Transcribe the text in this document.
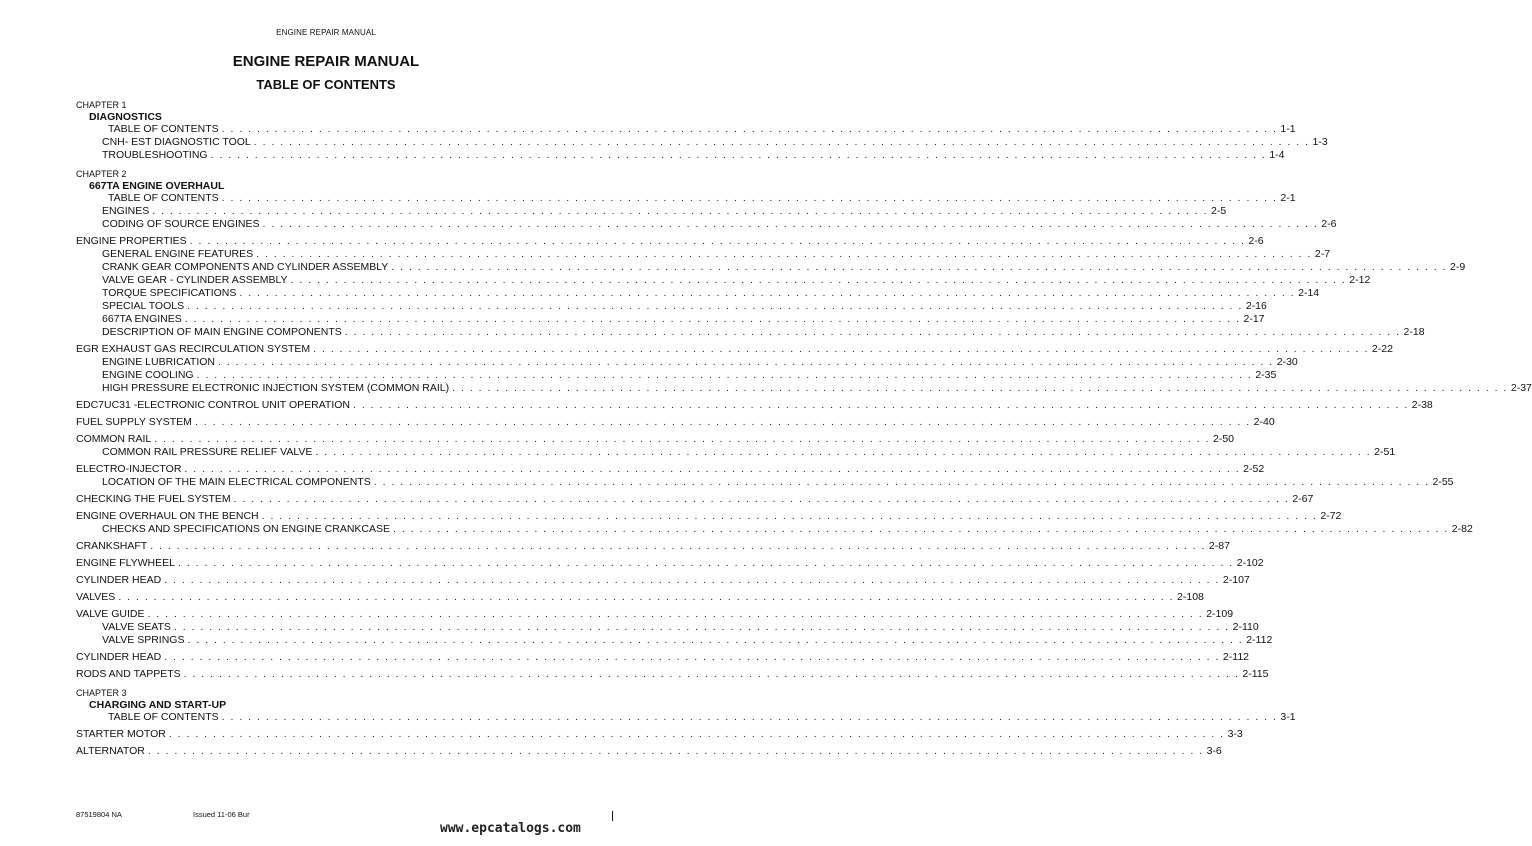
ENGINE REPAIR MANUAL
ENGINE REPAIR MANUAL
TABLE OF CONTENTS
CHAPTER 1
DIAGNOSTICS
TABLE OF CONTENTS . . . . . . . . . . . . . . . . . . . . . . . . . . . . . . . . . . . . . . . . . . . . . . . . . . . . . . . . . . . . . . . . . . . . . . . . . . . . . . . . . . . . . . . . . . . . . . . . . . . . . . . . . . . . . . . . . . . . . . . . 1-1
CNH- EST DIAGNOSTIC TOOL . . . . . . . . . . . . . . . . . . . . . . . . . . . . . . . . . . . . . . . . . . . . . . . . . . . . . . . . . . . . . . . . . . . . . . . . . . . . . . . . . . . . . . . . . . . . . . . . . . . . . . . . . . . . . . . . . . . . . . . . 1-3
TROUBLESHOOTING . . . . . . . . . . . . . . . . . . . . . . . . . . . . . . . . . . . . . . . . . . . . . . . . . . . . . . . . . . . . . . . . . . . . . . . . . . . . . . . . . . . . . . . . . . . . . . . . . . . . . . . . . . . . . . . . . . . . . . . . 1-4
CHAPTER 2
667TA ENGINE OVERHAUL
TABLE OF CONTENTS . . . . . . . . . . . . . . . . . . . . . . . . . . . . . . . . . . . . . . . . . . . . . . . . . . . . . . . . . . . . . . . . . . . . . . . . . . . . . . . . . . . . . . . . . . . . . . . . . . . . . . . . . . . . . . . . . . . . . . . . 2-1
ENGINES . . . . . . . . . . . . . . . . . . . . . . . . . . . . . . . . . . . . . . . . . . . . . . . . . . . . . . . . . . . . . . . . . . . . . . . . . . . . . . . . . . . . . . . . . . . . . . . . . . . . . . . . . . . . . . . . . . . . . . . . 2-5
CODING OF SOURCE ENGINES . . . . . . . . . . . . . . . . . . . . . . . . . . . . . . . . . . . . . . . . . . . . . . . . . . . . . . . . . . . . . . . . . . . . . . . . . . . . . . . . . . . . . . . . . . . . . . . . . . . . . . . . . . . . . . . . . . . . . . . . 2-6
ENGINE PROPERTIES . . . . . . . . . . . . . . . . . . . . . . . . . . . . . . . . . . . . . . . . . . . . . . . . . . . . . . . . . . . . . . . . . . . . . . . . . . . . . . . . . . . . . . . . . . . . . . . . . . . . . . . . . . . . . . . . . . . . . . . . 2-6
GENERAL ENGINE FEATURES . . . . . . . . . . . . . . . . . . . . . . . . . . . . . . . . . . . . . . . . . . . . . . . . . . . . . . . . . . . . . . . . . . . . . . . . . . . . . . . . . . . . . . . . . . . . . . . . . . . . . . . . . . . . . . . . . . . . . . . . 2-7
CRANK GEAR COMPONENTS AND CYLINDER ASSEMBLY . . . . . . . . . . . . . . . . . . . . . . . . . . . . . . . . . . . . . . . . . . . . . . . . . . . . . . . . . . . . . . . . . . . . . . . . . . . . . . . . . . . . . . . . . . . . . . . . . . . . . . . . . . . . . . . . . . . . . . . . 2-9
VALVE GEAR - CYLINDER ASSEMBLY . . . . . . . . . . . . . . . . . . . . . . . . . . . . . . . . . . . . . . . . . . . . . . . . . . . . . . . . . . . . . . . . . . . . . . . . . . . . . . . . . . . . . . . . . . . . . . . . . . . . . . . . . . . . . . . . . . . . . . . . 2-12
TORQUE SPECIFICATIONS . . . . . . . . . . . . . . . . . . . . . . . . . . . . . . . . . . . . . . . . . . . . . . . . . . . . . . . . . . . . . . . . . . . . . . . . . . . . . . . . . . . . . . . . . . . . . . . . . . . . . . . . . . . . . . . . . . . . . . . . 2-14
SPECIAL TOOLS . . . . . . . . . . . . . . . . . . . . . . . . . . . . . . . . . . . . . . . . . . . . . . . . . . . . . . . . . . . . . . . . . . . . . . . . . . . . . . . . . . . . . . . . . . . . . . . . . . . . . . . . . . . . . . . . . . . . . . . . 2-16
667TA ENGINES . . . . . . . . . . . . . . . . . . . . . . . . . . . . . . . . . . . . . . . . . . . . . . . . . . . . . . . . . . . . . . . . . . . . . . . . . . . . . . . . . . . . . . . . . . . . . . . . . . . . . . . . . . . . . . . . . . . . . . . . 2-17
DESCRIPTION OF MAIN ENGINE COMPONENTS . . . . . . . . . . . . . . . . . . . . . . . . . . . . . . . . . . . . . . . . . . . . . . . . . . . . . . . . . . . . . . . . . . . . . . . . . . . . . . . . . . . . . . . . . . . . . . . . . . . . . . . . . . . . . . . . . . . . . . . . 2-18
EGR EXHAUST GAS RECIRCULATION SYSTEM . . . . . . . . . . . . . . . . . . . . . . . . . . . . . . . . . . . . . . . . . . . . . . . . . . . . . . . . . . . . . . . . . . . . . . . . . . . . . . . . . . . . . . . . . . . . . . . . . . . . . . . . . . . . . . . . . . . . . . . . 2-22
ENGINE LUBRICATION . . . . . . . . . . . . . . . . . . . . . . . . . . . . . . . . . . . . . . . . . . . . . . . . . . . . . . . . . . . . . . . . . . . . . . . . . . . . . . . . . . . . . . . . . . . . . . . . . . . . . . . . . . . . . . . . . . . . . . . . 2-30
ENGINE COOLING . . . . . . . . . . . . . . . . . . . . . . . . . . . . . . . . . . . . . . . . . . . . . . . . . . . . . . . . . . . . . . . . . . . . . . . . . . . . . . . . . . . . . . . . . . . . . . . . . . . . . . . . . . . . . . . . . . . . . . . . 2-35
HIGH PRESSURE ELECTRONIC INJECTION SYSTEM (COMMON RAIL) . . . . . . . . . . . . . . . . . . . . . . . . . . . . . . . . . . . . . . . . . . . . . . . . . . . . . . . . . . . . . . . . . . . . . . . . . . . . . . . . . . . . . . . . . . . . . . . . . . . . . . . . . . . . . . . . . . . . . . . . 2-37
EDC7UC31 -ELECTRONIC CONTROL UNIT OPERATION . . . . . . . . . . . . . . . . . . . . . . . . . . . . . . . . . . . . . . . . . . . . . . . . . . . . . . . . . . . . . . . . . . . . . . . . . . . . . . . . . . . . . . . . . . . . . . . . . . . . . . . . . . . . . . . . . . . . . . . . 2-38
FUEL SUPPLY SYSTEM . . . . . . . . . . . . . . . . . . . . . . . . . . . . . . . . . . . . . . . . . . . . . . . . . . . . . . . . . . . . . . . . . . . . . . . . . . . . . . . . . . . . . . . . . . . . . . . . . . . . . . . . . . . . . . . . . . . . . . . . 2-40
COMMON RAIL . . . . . . . . . . . . . . . . . . . . . . . . . . . . . . . . . . . . . . . . . . . . . . . . . . . . . . . . . . . . . . . . . . . . . . . . . . . . . . . . . . . . . . . . . . . . . . . . . . . . . . . . . . . . . . . . . . . . . . . . 2-50
COMMON RAIL PRESSURE RELIEF VALVE . . . . . . . . . . . . . . . . . . . . . . . . . . . . . . . . . . . . . . . . . . . . . . . . . . . . . . . . . . . . . . . . . . . . . . . . . . . . . . . . . . . . . . . . . . . . . . . . . . . . . . . . . . . . . . . . . . . . . . . . 2-51
ELECTRO-INJECTOR . . . . . . . . . . . . . . . . . . . . . . . . . . . . . . . . . . . . . . . . . . . . . . . . . . . . . . . . . . . . . . . . . . . . . . . . . . . . . . . . . . . . . . . . . . . . . . . . . . . . . . . . . . . . . . . . . . . . . . . . 2-52
LOCATION OF THE MAIN ELECTRICAL COMPONENTS . . . . . . . . . . . . . . . . . . . . . . . . . . . . . . . . . . . . . . . . . . . . . . . . . . . . . . . . . . . . . . . . . . . . . . . . . . . . . . . . . . . . . . . . . . . . . . . . . . . . . . . . . . . . . . . . . . . . . . . . 2-55
CHECKING THE FUEL SYSTEM . . . . . . . . . . . . . . . . . . . . . . . . . . . . . . . . . . . . . . . . . . . . . . . . . . . . . . . . . . . . . . . . . . . . . . . . . . . . . . . . . . . . . . . . . . . . . . . . . . . . . . . . . . . . . . . . . . . . . . . . 2-67
ENGINE OVERHAUL ON THE BENCH . . . . . . . . . . . . . . . . . . . . . . . . . . . . . . . . . . . . . . . . . . . . . . . . . . . . . . . . . . . . . . . . . . . . . . . . . . . . . . . . . . . . . . . . . . . . . . . . . . . . . . . . . . . . . . . . . . . . . . . . 2-72
CHECKS AND SPECIFICATIONS ON ENGINE CRANKCASE . . . . . . . . . . . . . . . . . . . . . . . . . . . . . . . . . . . . . . . . . . . . . . . . . . . . . . . . . . . . . . . . . . . . . . . . . . . . . . . . . . . . . . . . . . . . . . . . . . . . . . . . . . . . . . . . . . . . . . . . 2-82
CRANKSHAFT . . . . . . . . . . . . . . . . . . . . . . . . . . . . . . . . . . . . . . . . . . . . . . . . . . . . . . . . . . . . . . . . . . . . . . . . . . . . . . . . . . . . . . . . . . . . . . . . . . . . . . . . . . . . . . . . . . . . . . . . 2-87
ENGINE FLYWHEEL . . . . . . . . . . . . . . . . . . . . . . . . . . . . . . . . . . . . . . . . . . . . . . . . . . . . . . . . . . . . . . . . . . . . . . . . . . . . . . . . . . . . . . . . . . . . . . . . . . . . . . . . . . . . . . . . . . . . . . . . 2-102
CYLINDER HEAD . . . . . . . . . . . . . . . . . . . . . . . . . . . . . . . . . . . . . . . . . . . . . . . . . . . . . . . . . . . . . . . . . . . . . . . . . . . . . . . . . . . . . . . . . . . . . . . . . . . . . . . . . . . . . . . . . . . . . . . . 2-107
VALVES . . . . . . . . . . . . . . . . . . . . . . . . . . . . . . . . . . . . . . . . . . . . . . . . . . . . . . . . . . . . . . . . . . . . . . . . . . . . . . . . . . . . . . . . . . . . . . . . . . . . . . . . . . . . . . . . . . . . . . . . 2-108
VALVE GUIDE . . . . . . . . . . . . . . . . . . . . . . . . . . . . . . . . . . . . . . . . . . . . . . . . . . . . . . . . . . . . . . . . . . . . . . . . . . . . . . . . . . . . . . . . . . . . . . . . . . . . . . . . . . . . . . . . . . . . . . . . 2-109
VALVE SEATS . . . . . . . . . . . . . . . . . . . . . . . . . . . . . . . . . . . . . . . . . . . . . . . . . . . . . . . . . . . . . . . . . . . . . . . . . . . . . . . . . . . . . . . . . . . . . . . . . . . . . . . . . . . . . . . . . . . . . . . . 2-110
VALVE SPRINGS . . . . . . . . . . . . . . . . . . . . . . . . . . . . . . . . . . . . . . . . . . . . . . . . . . . . . . . . . . . . . . . . . . . . . . . . . . . . . . . . . . . . . . . . . . . . . . . . . . . . . . . . . . . . . . . . . . . . . . . . 2-112
CYLINDER HEAD . . . . . . . . . . . . . . . . . . . . . . . . . . . . . . . . . . . . . . . . . . . . . . . . . . . . . . . . . . . . . . . . . . . . . . . . . . . . . . . . . . . . . . . . . . . . . . . . . . . . . . . . . . . . . . . . . . . . . . . . 2-112
RODS AND TAPPETS . . . . . . . . . . . . . . . . . . . . . . . . . . . . . . . . . . . . . . . . . . . . . . . . . . . . . . . . . . . . . . . . . . . . . . . . . . . . . . . . . . . . . . . . . . . . . . . . . . . . . . . . . . . . . . . . . . . . . . . . 2-115
CHAPTER 3
CHARGING AND START-UP
TABLE OF CONTENTS . . . . . . . . . . . . . . . . . . . . . . . . . . . . . . . . . . . . . . . . . . . . . . . . . . . . . . . . . . . . . . . . . . . . . . . . . . . . . . . . . . . . . . . . . . . . . . . . . . . . . . . . . . . . . . . . . . . . . . . . 3-1
STARTER MOTOR . . . . . . . . . . . . . . . . . . . . . . . . . . . . . . . . . . . . . . . . . . . . . . . . . . . . . . . . . . . . . . . . . . . . . . . . . . . . . . . . . . . . . . . . . . . . . . . . . . . . . . . . . . . . . . . . . . . . . . . . 3-3
ALTERNATOR . . . . . . . . . . . . . . . . . . . . . . . . . . . . . . . . . . . . . . . . . . . . . . . . . . . . . . . . . . . . . . . . . . . . . . . . . . . . . . . . . . . . . . . . . . . . . . . . . . . . . . . . . . . . . . . . . . . . . . . . 3-6
87519804 NA	Issued 11-06 Bur
www.epcatalogs.com
